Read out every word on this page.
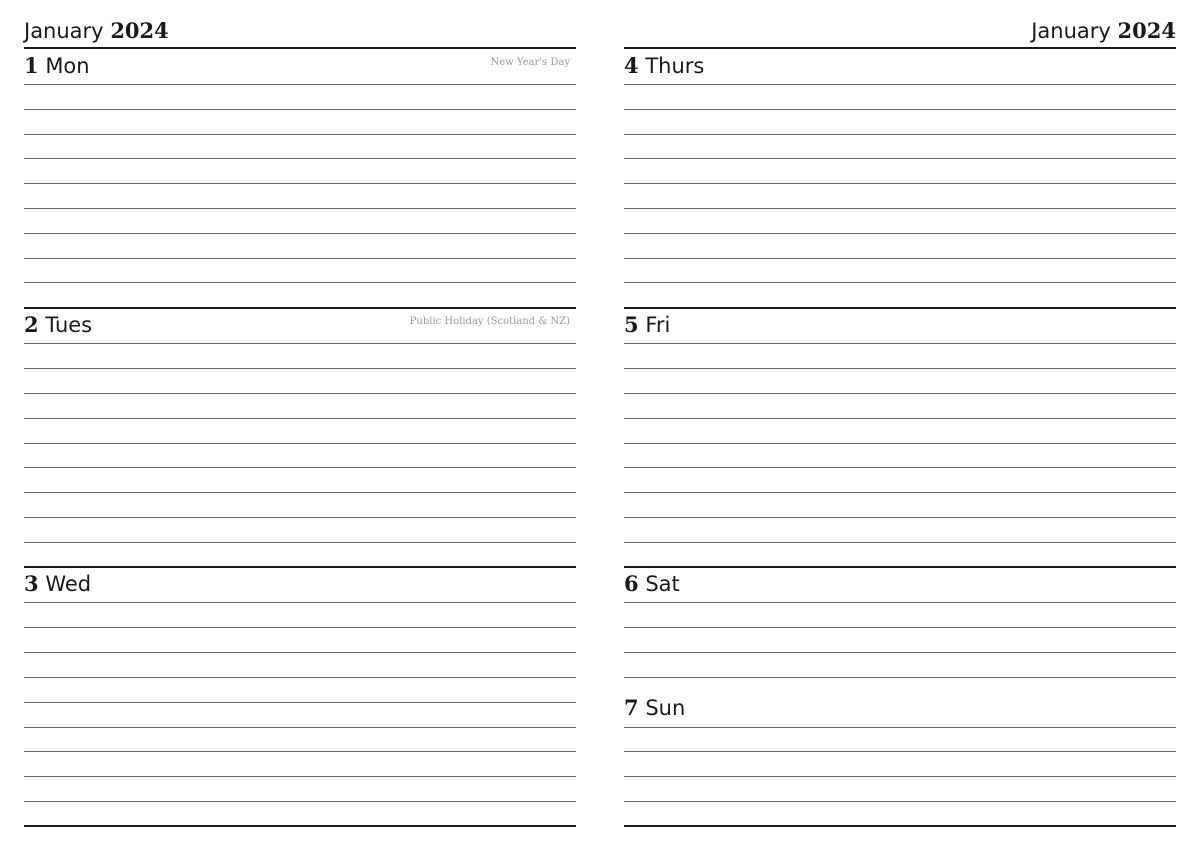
January 2024
1 Mon	New Year's Day
2 Tues	Public Holiday (Scotland & NZ)
3 Wed
January 2024
4 Thurs
5 Fri
6 Sat
7 Sun
